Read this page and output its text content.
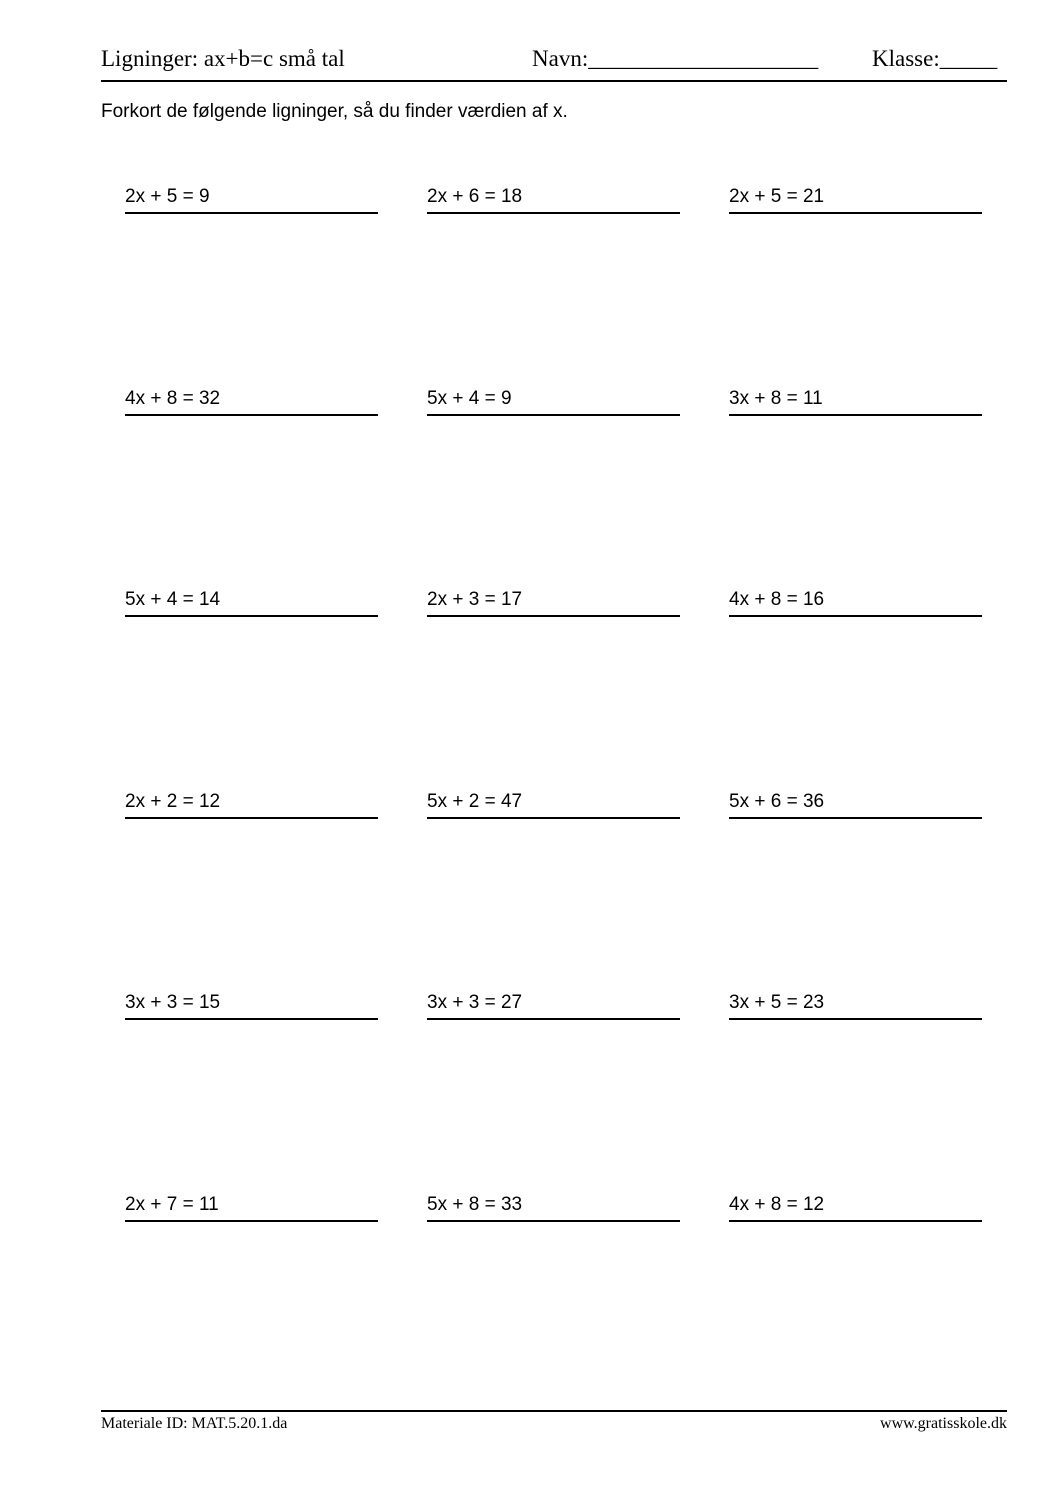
Ligninger: ax+b=c små tal	Navn:____________________ Klasse:_____
Forkort de følgende ligninger, så du finder værdien af x.
2x + 5 = 9	2x + 6 = 18	2x + 5 = 21
4x + 8 = 32	5x + 4 = 9	3x + 8 = 11
5x + 4 = 14	2x + 3 = 17	4x + 8 = 16
2x + 2 = 12	5x + 2 = 47	5x + 6 = 36
3x + 3 = 15	3x + 3 = 27	3x + 5 = 23
2x + 7 = 11	5x + 8 = 33	4x + 8 = 12
Materiale ID: MAT.5.20.1.da	www.gratisskole.dk
